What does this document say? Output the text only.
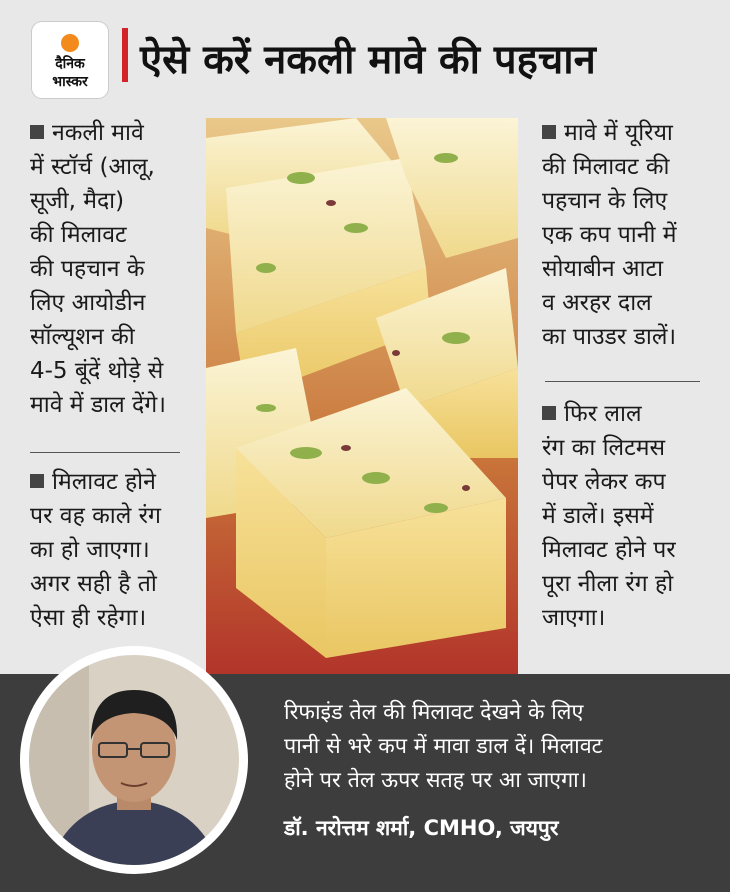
दैनिक
भास्कर	ऐसे करें नकली मावे की पहचान

नकली मावे

में स्टॉर्च (आलू,

सूजी, मैदा)

की मिलावट

की पहचान के

लिए आयोडीन

सॉल्यूशन की

4-5 बूंदें थोड़े से

मावे में डाल देंगे।

मिलावट होने

पर वह काले रंग

का हो जाएगा।

अगर सही है तो

ऐसा ही रहेगा।

मावे में यूरिया

की मिलावट की

पहचान के लिए

एक कप पानी में

सोयाबीन आटा

व अरहर दाल

का पाउडर डालें।

फिर लाल

रंग का लिटमस

पेपर लेकर कप

में डालें। इसमें

मिलावट होने पर

पूरा नीला रंग हो

जाएगा।

रिफाइंड तेल की मिलावट देखने के लिए
पानी से भरे कप में मावा डाल दें। मिलावट
होने पर तेल ऊपर सतह पर आ जाएगा।
डॉ. नरोत्तम शर्मा, CMHO, जयपुर
